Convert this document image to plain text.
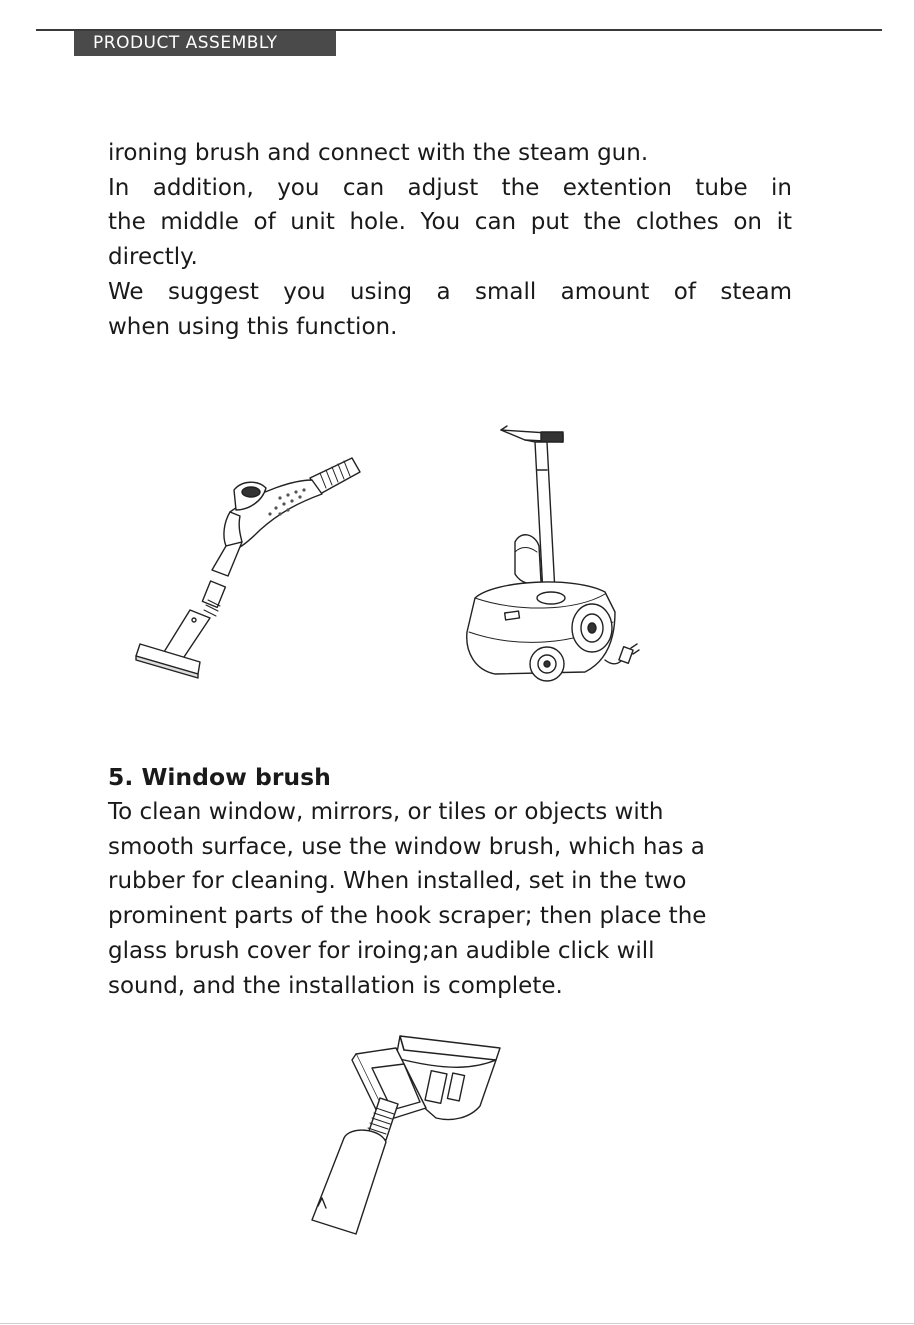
PRODUCT ASSEMBLY
ironing brush and connect with the steam gun.
In addition, you can adjust the extention tube in
the middle of unit hole. You can put the clothes on it
directly.
We suggest you using a small amount of steam
when using this function.
5. Window brush
To clean window, mirrors, or tiles or objects with
smooth surface, use the window brush, which has a
rubber for cleaning. When installed, set in the two
prominent parts of the hook scraper; then place the
glass brush cover for iroing;an audible click will
sound, and the installation is complete.
